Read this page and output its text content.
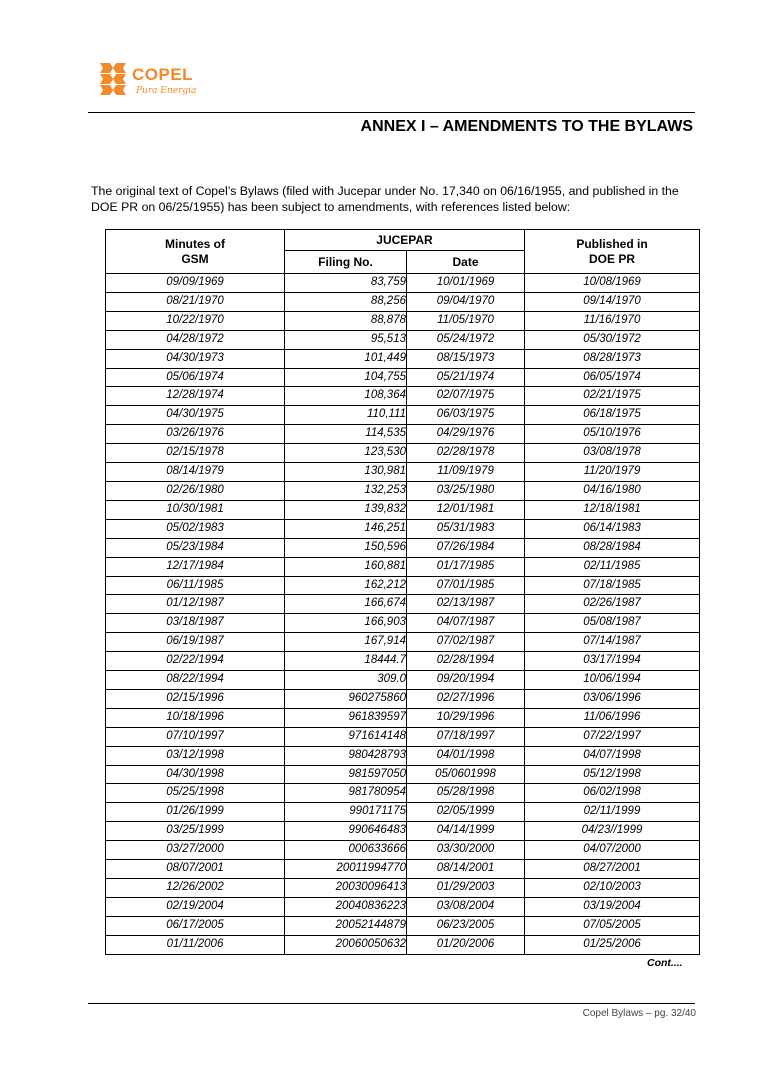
COPEL
Pura Energia
ANNEX I – AMENDMENTS TO THE BYLAWS
The original text of Copel’s Bylaws (filed with Jucepar under No. 17,340 on 06/16/1955, and published in the DOE PR on 06/25/1955) has been subject to amendments, with references listed below:
Minutes of GSM	JUCEPAR		Published in DOE PR

	Filing No.	Date	
09/09/1969	83,759	10/01/1969	10/08/1969
08/21/1970	88,256	09/04/1970	09/14/1970
10/22/1970	88,878	11/05/1970	11/16/1970
04/28/1972	95,513	05/24/1972	05/30/1972
04/30/1973	101,449	08/15/1973	08/28/1973
05/06/1974	104,755	05/21/1974	06/05/1974
12/28/1974	108,364	02/07/1975	02/21/1975
04/30/1975	110,111	06/03/1975	06/18/1975
03/26/1976	114,535	04/29/1976	05/10/1976
02/15/1978	123,530	02/28/1978	03/08/1978
08/14/1979	130,981	11/09/1979	11/20/1979
02/26/1980	132,253	03/25/1980	04/16/1980
10/30/1981	139,832	12/01/1981	12/18/1981
05/02/1983	146,251	05/31/1983	06/14/1983
05/23/1984	150,596	07/26/1984	08/28/1984
12/17/1984	160,881	01/17/1985	02/11/1985
06/11/1985	162,212	07/01/1985	07/18/1985
01/12/1987	166,674	02/13/1987	02/26/1987
03/18/1987	166,903	04/07/1987	05/08/1987
06/19/1987	167,914	07/02/1987	07/14/1987
02/22/1994	18444.7	02/28/1994	03/17/1994
08/22/1994	309.0	09/20/1994	10/06/1994
02/15/1996	960275860	02/27/1996	03/06/1996
10/18/1996	961839597	10/29/1996	11/06/1996
07/10/1997	971614148	07/18/1997	07/22/1997
03/12/1998	980428793	04/01/1998	04/07/1998
04/30/1998	981597050	05/0601998	05/12/1998
05/25/1998	981780954	05/28/1998	06/02/1998
01/26/1999	990171175	02/05/1999	02/11/1999
03/25/1999	990646483	04/14/1999	04/23//1999
03/27/2000	000633666	03/30/2000	04/07/2000
08/07/2001	20011994770	08/14/2001	08/27/2001
12/26/2002	20030096413	01/29/2003	02/10/2003
02/19/2004	20040836223	03/08/2004	03/19/2004
06/17/2005	20052144879	06/23/2005	07/05/2005
01/11/2006	20060050632	01/20/2006	01/25/2006
Cont....
Copel Bylaws – pg. 32/40
